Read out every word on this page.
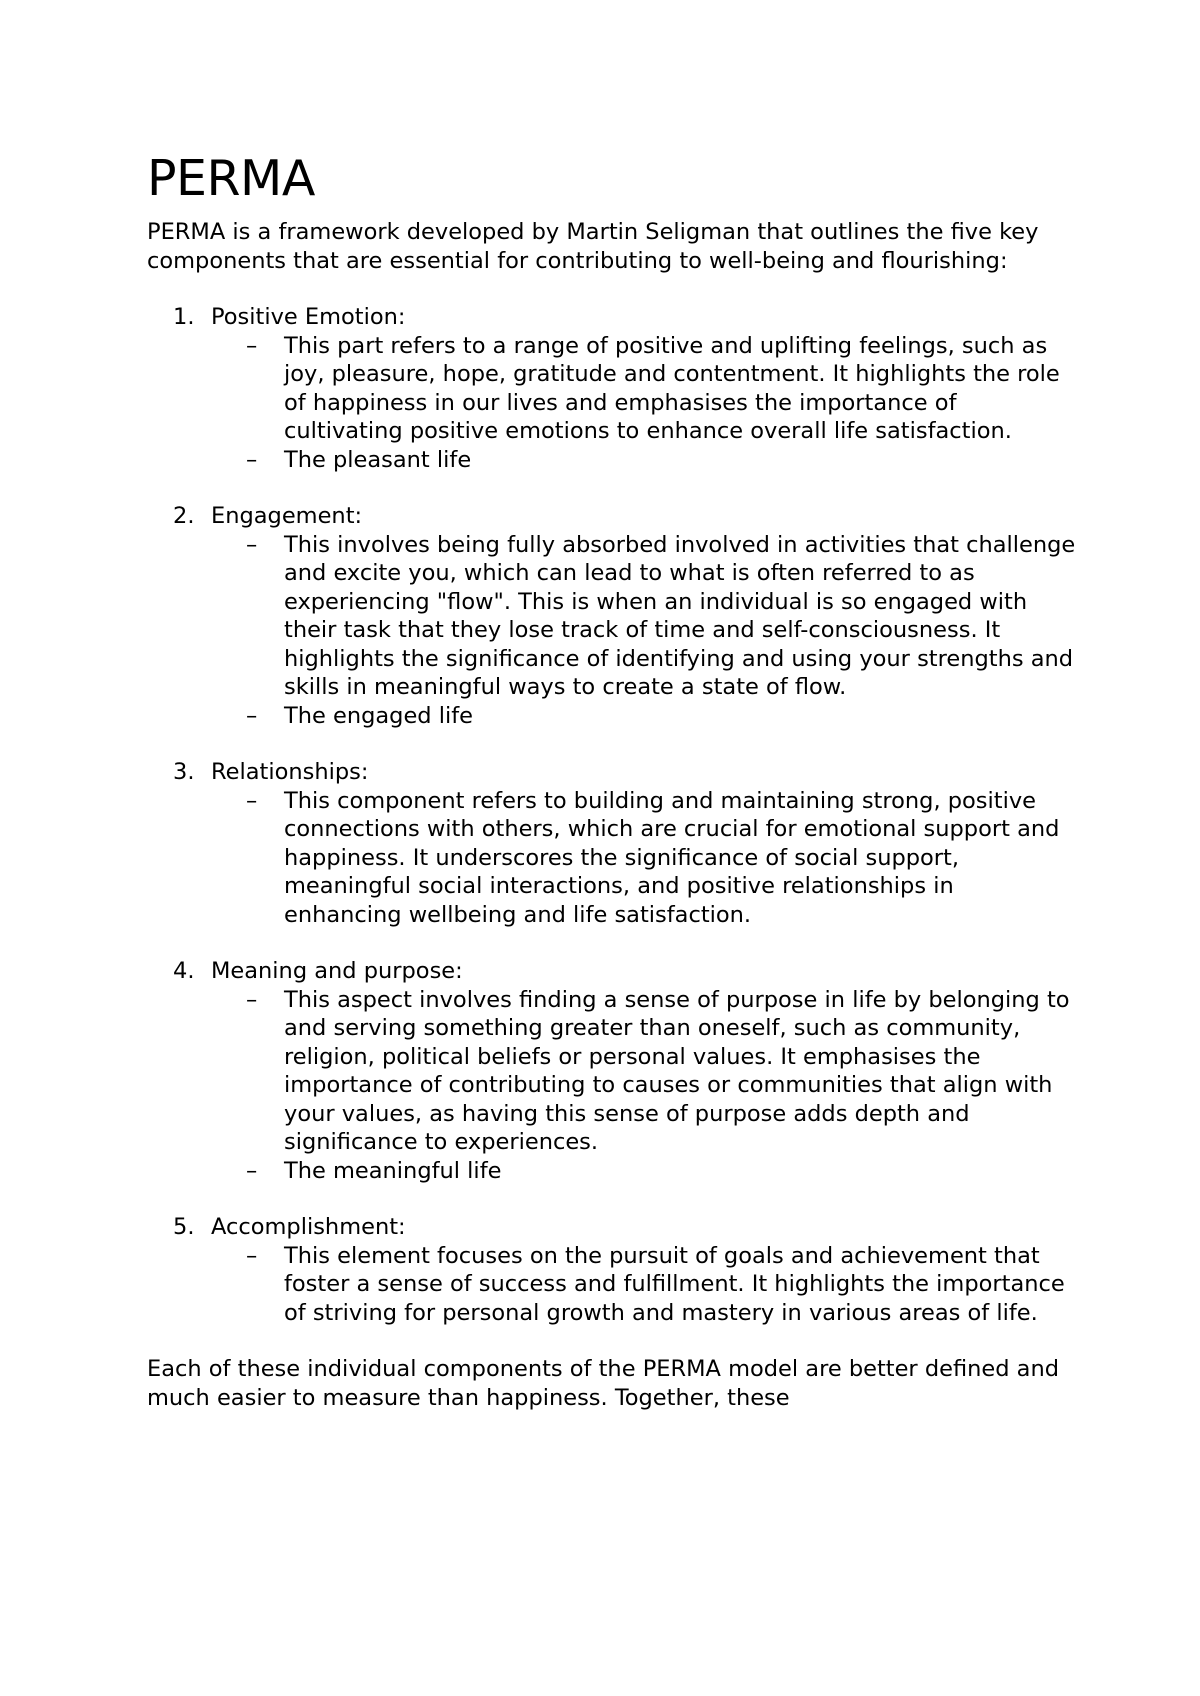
PERMA

PERMA is a framework developed by Martin Seligman that outlines the five key components that are essential for contributing to well-being and flourishing:

1. Positive Emotion:
– This part refers to a range of positive and uplifting feelings, such as joy, pleasure, hope, gratitude and contentment. It highlights the role of happiness in our lives and emphasises the importance of cultivating positive emotions to enhance overall life satisfaction.
– The pleasant life
2. Engagement:
– This involves being fully absorbed involved in activities that challenge and excite you, which can lead to what is often referred to as experiencing "flow". This is when an individual is so engaged with their task that they lose track of time and self-consciousness. It highlights the significance of identifying and using your strengths and skills in meaningful ways to create a state of flow.
– The engaged life
3. Relationships:
– This component refers to building and maintaining strong, positive connections with others, which are crucial for emotional support and happiness. It underscores the significance of social support, meaningful social interactions, and positive relationships in enhancing wellbeing and life satisfaction.
4. Meaning and purpose:
– This aspect involves finding a sense of purpose in life by belonging to and serving something greater than oneself, such as community, religion, political beliefs or personal values. It emphasises the importance of contributing to causes or communities that align with your values, as having this sense of purpose adds depth and significance to experiences.
– The meaningful life
5. Accomplishment:
– This element focuses on the pursuit of goals and achievement that foster a sense of success and fulfillment. It highlights the importance of striving for personal growth and mastery in various areas of life.

Each of these individual components of the PERMA model are better defined and much easier to measure than happiness. Together, these
